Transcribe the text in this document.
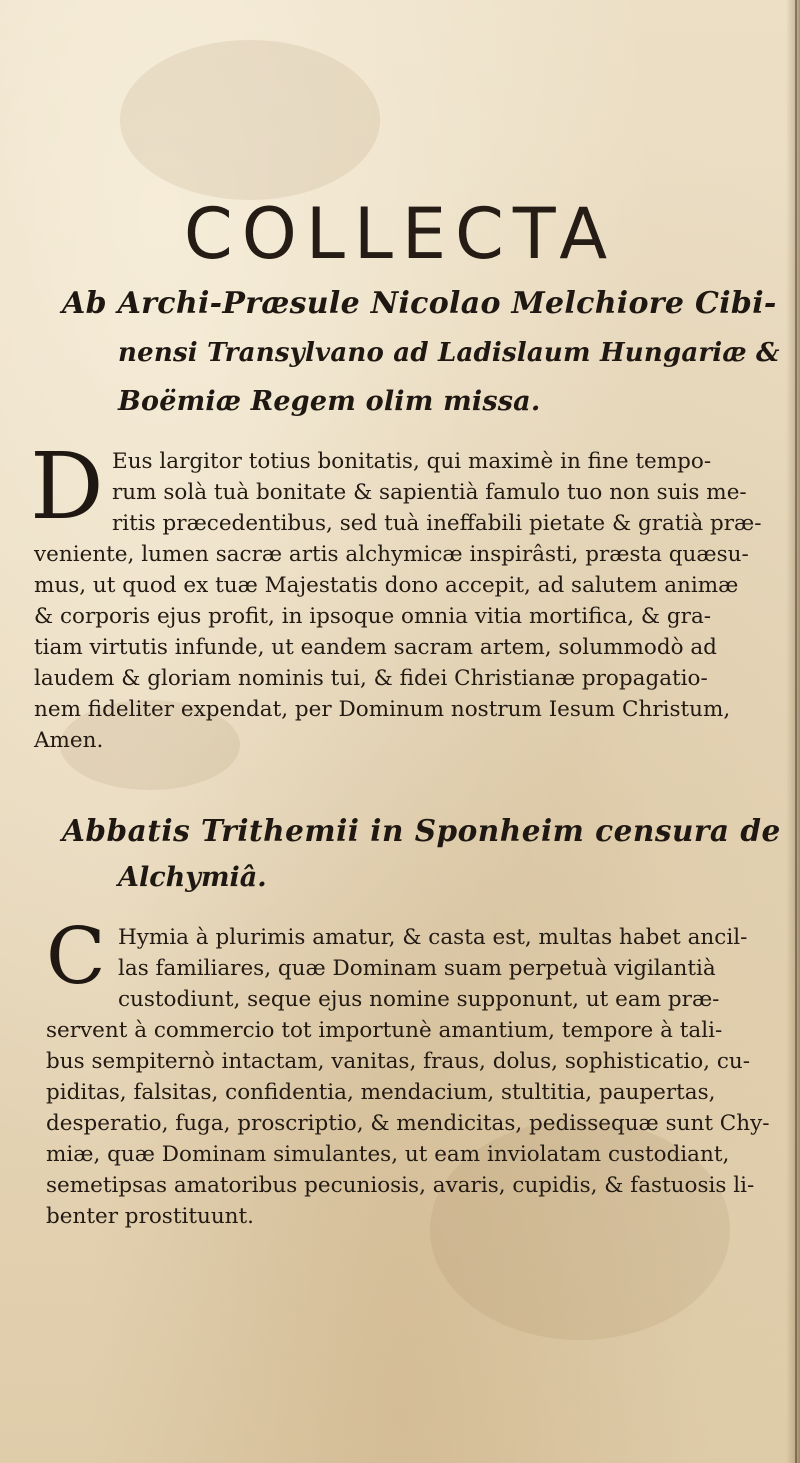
COLLECTA
Ab Archi-Præsule Nicolao Melchiore Cibi-
nensi Transylvano ad Ladislaum Hungariæ &
Boëmiæ Regem olim missa.
D Eus largitor totius bonitatis, qui maximè in fine tempo-
rum solà tuà bonitate & sapientià famulo tuo non suis me-
ritis præcedentibus, sed tuà ineffabili pietate & gratià præ-
veniente, lumen sacræ artis alchymicæ inspirâsti, præsta quæsu-
mus, ut quod ex tuæ Majestatis dono accepit, ad salutem animæ
& corporis ejus profit, in ipsoque omnia vitia mortifica, & gra-
tiam virtutis infunde, ut eandem sacram artem, solummodò ad
laudem & gloriam nominis tui, & fidei Christianæ propagatio-
nem fideliter expendat, per Dominum nostrum Iesum Christum,
Amen.
Abbatis Trithemii in Sponheim censura de
Alchymiâ.
C Hymia à plurimis amatur, & casta est, multas habet ancil-
las familiares, quæ Dominam suam perpetuà vigilantià
custodiunt, seque ejus nomine supponunt, ut eam præ-
servent à commercio tot importunè amantium, tempore à tali-
bus sempiternò intactam, vanitas, fraus, dolus, sophisticatio, cu-
piditas, falsitas, confidentia, mendacium, stultitia, paupertas,
desperatio, fuga, proscriptio, & mendicitas, pedissequæ sunt Chy-
miæ, quæ Dominam simulantes, ut eam inviolatam custodiant,
semetipsas amatoribus pecuniosis, avaris, cupidis, & fastuosis li-
benter prostituunt.
